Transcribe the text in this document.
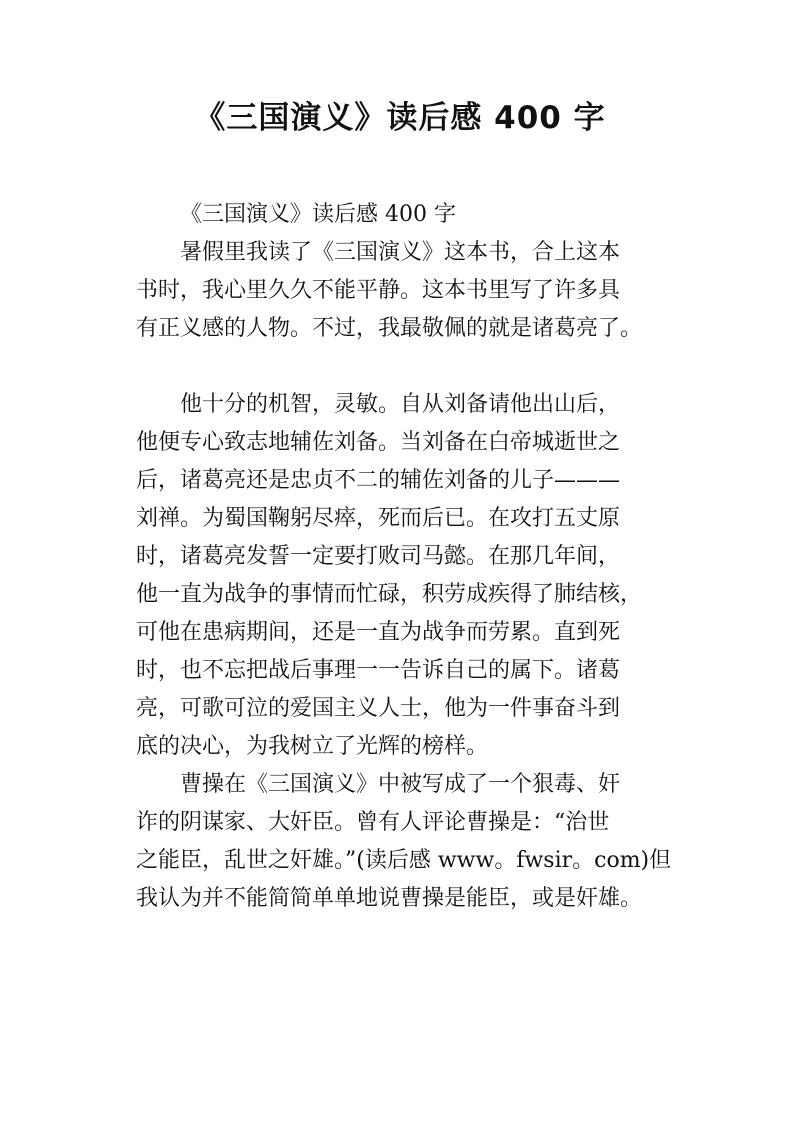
《三国演义》读后感 400 字
《三国演义》读后感 400 字
暑假里我读了《三国演义》这本书，合上这本
书时，我心里久久不能平静。这本书里写了许多具
有正义感的人物。不过，我最敬佩的就是诸葛亮了。
他十分的机智，灵敏。自从刘备请他出山后，
他便专心致志地辅佐刘备。当刘备在白帝城逝世之
后，诸葛亮还是忠贞不二的辅佐刘备的儿子———
刘禅。为蜀国鞠躬尽瘁，死而后已。在攻打五丈原
时，诸葛亮发誓一定要打败司马懿。在那几年间，
他一直为战争的事情而忙碌，积劳成疾得了肺结核，
可他在患病期间，还是一直为战争而劳累。直到死
时，也不忘把战后事理一一告诉自己的属下。诸葛
亮，可歌可泣的爱国主义人士，他为一件事奋斗到
底的决心，为我树立了光辉的榜样。
曹操在《三国演义》中被写成了一个狠毒、奸
诈的阴谋家、大奸臣。曾有人评论曹操是：“治世
之能臣，乱世之奸雄。”(读后感 www。fwsir。com)但
我认为并不能简简单单地说曹操是能臣，或是奸雄。
